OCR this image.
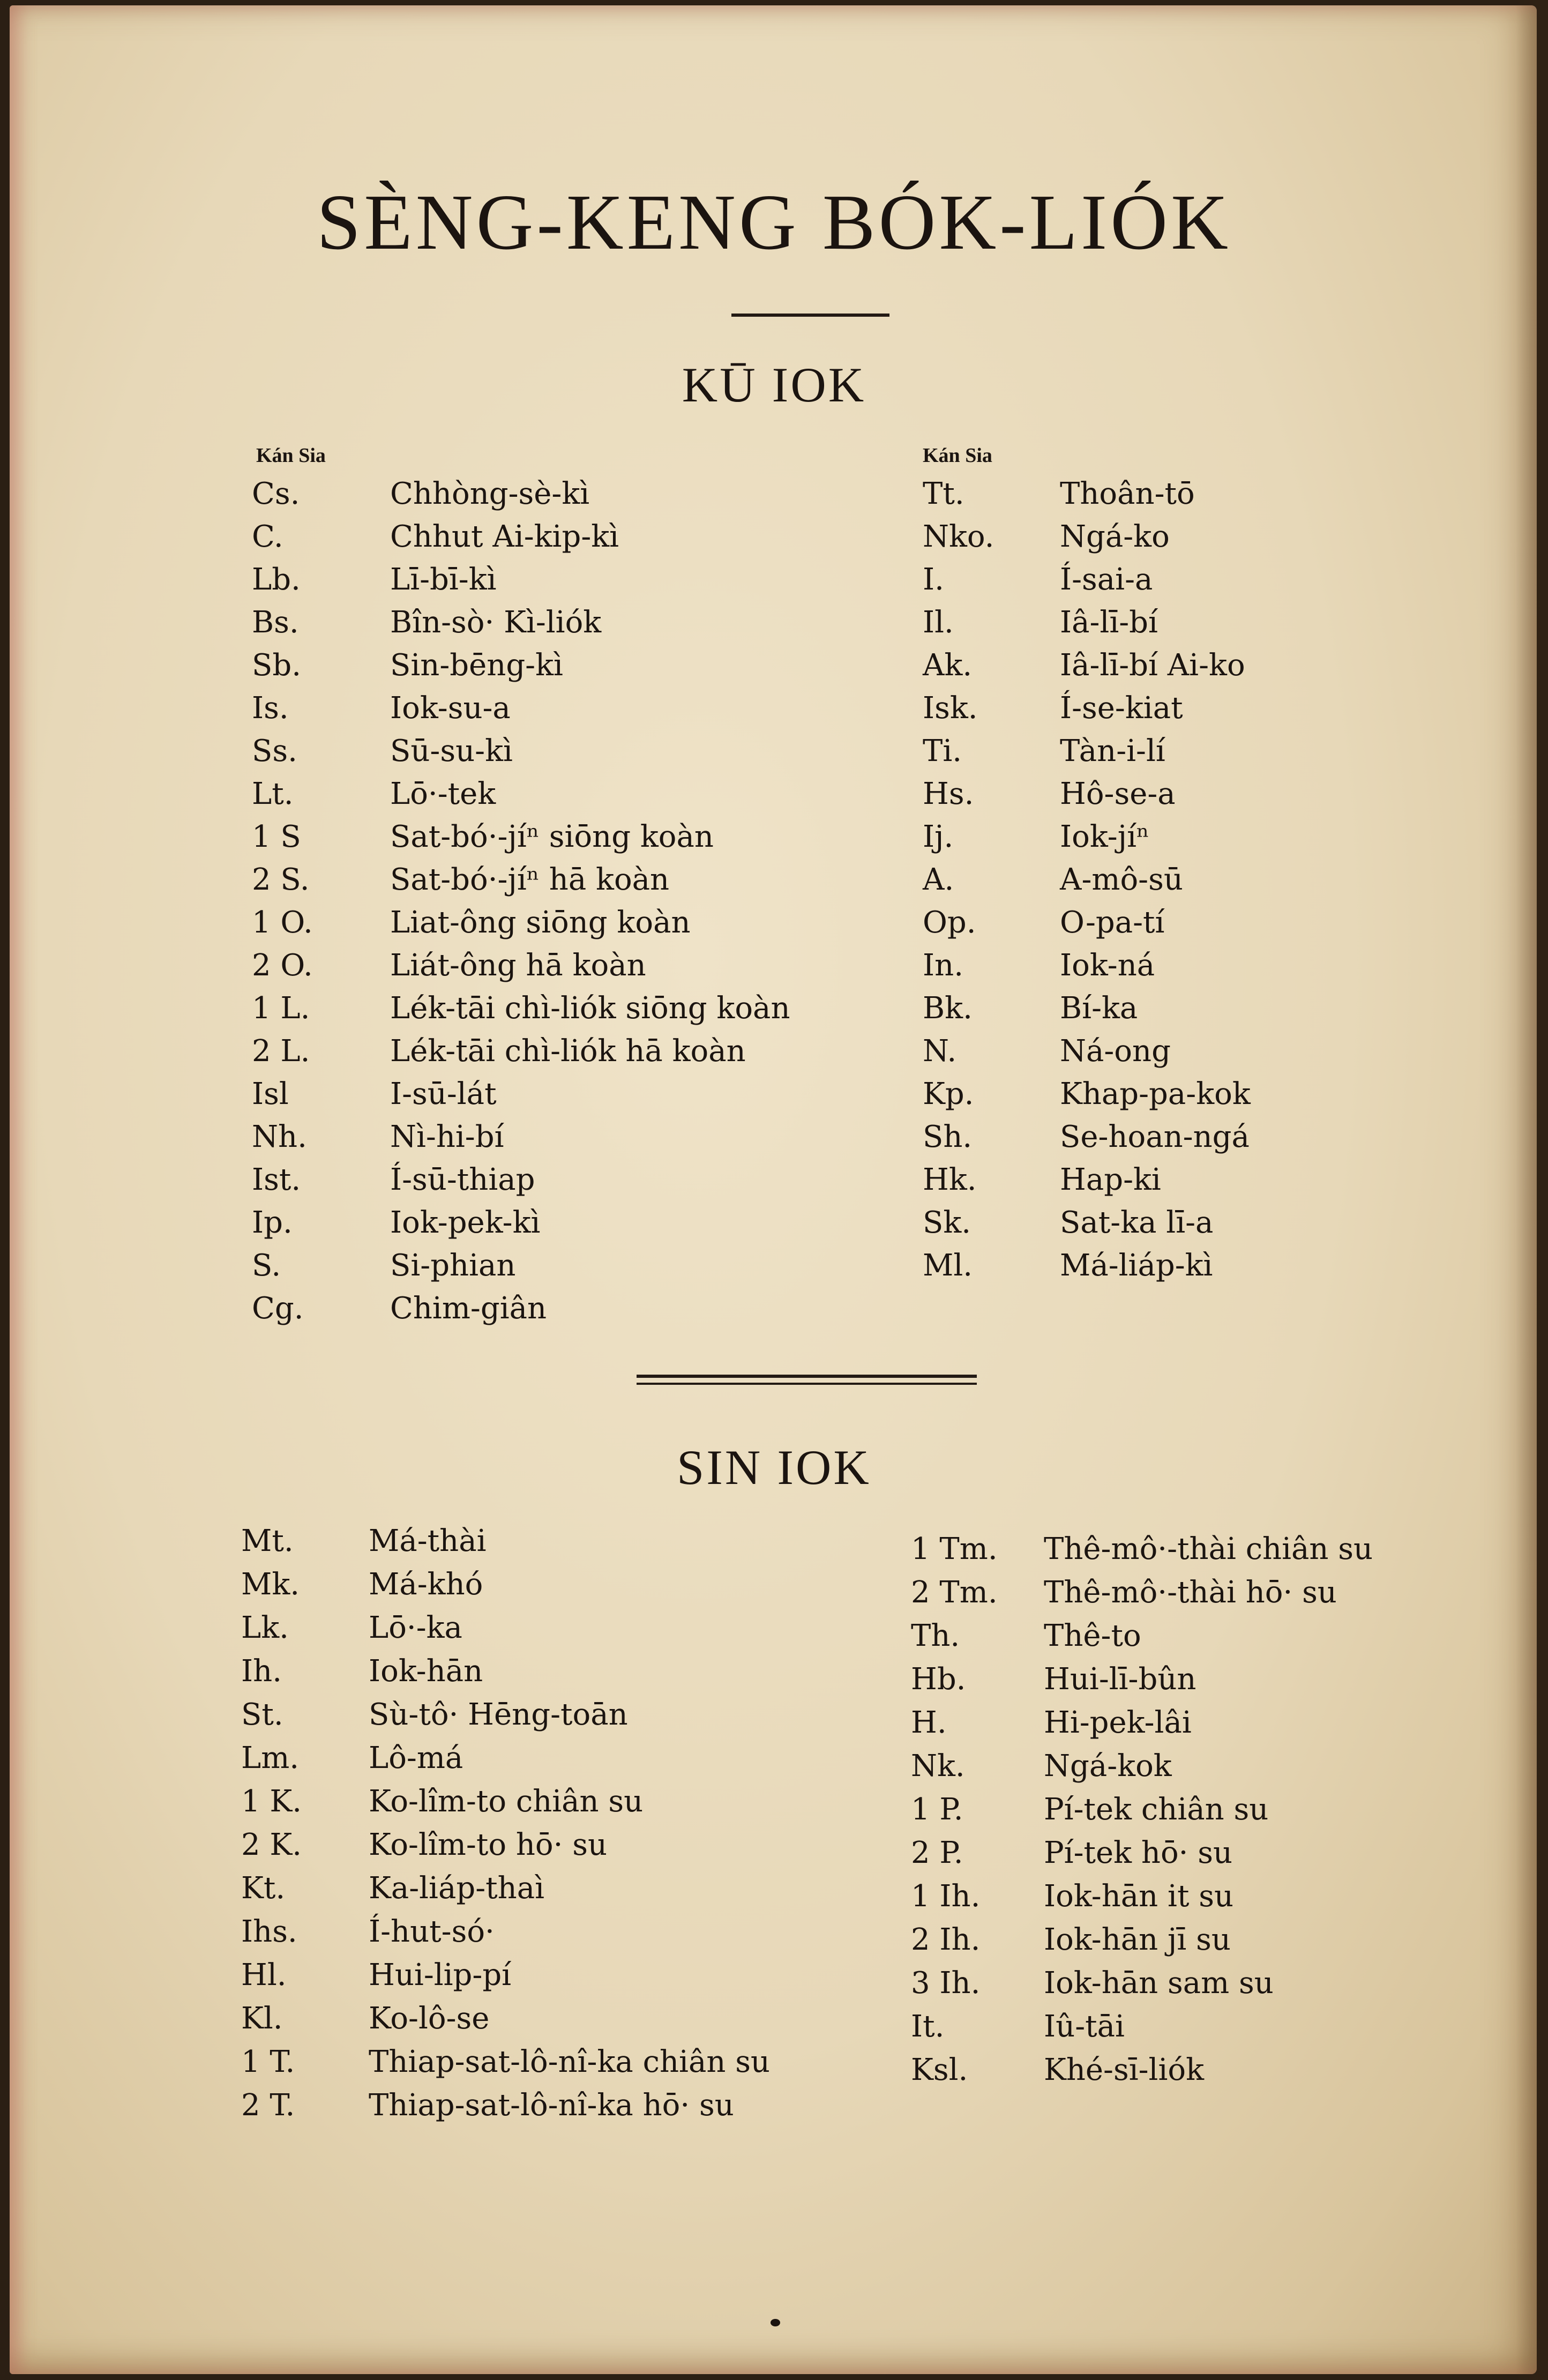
SÈNG-KENG BÓK-LIÓK
KŪ IOK
Kán Sia	Kán Sia
Cs.	Chhòng-sè-kì
C.	Chhut Ai-kip-kì
Lb.	Lī-bī-kì
Bs.	Bîn-sò· Kì-liók
Sb.	Sin-bēng-kì
Is.	Iok-su-a
Ss.	Sū-su-kì
Lt.	Lō·-tek
1 S	Sat-bó·-jíⁿ siōng koàn
2 S.	Sat-bó·-jíⁿ hā koàn
1 O.	Liat-ông siōng koàn
2 O.	Liát-ông hā koàn
1 L.	Lék-tāi chì-liók siōng koàn
2 L.	Lék-tāi chì-liók hā koàn
Isl	I-sū-lát
Nh.	Nì-hi-bí
Ist.	Í-sū-thiap
Ip.	Iok-pek-kì
S.	Si-phian
Cg.	Chim-giân
Tt.	Thoân-tō
Nko. Ngá-ko
I.	Í-sai-a
Il.	Iâ-lī-bí
Ak.	Iâ-lī-bí Ai-ko
Isk.	Í-se-kiat
Ti.	Tàn-i-lí
Hs.	Hô-se-a
Ij.	Iok-jíⁿ
A.	A-mô-sū
Op.	O-pa-tí
In.	Iok-ná
Bk.	Bí-ka
N.	Ná-ong
Kp.	Khap-pa-kok
Sh.	Se-hoan-ngá
Hk.	Hap-ki
Sk.	Sat-ka lī-a
Ml.	Má-liáp-kì
SIN IOK
Mt.	Má-thài
Mk. Má-khó
Lk.	Lō·-ka
Ih.	Iok-hān
St.	Sù-tô· Hēng-toān
Lm. Lô-má
1 K. Ko-lîm-to chiân su
2 K. Ko-lîm-to hō· su
Kt.	Ka-liáp-thaì
Ihs. Í-hut-só·
Hl.	Hui-lip-pí
Kl.	Ko-lô-se
1 T. Thiap-sat-lô-nî-ka chiân su
2 T. Thiap-sat-lô-nî-ka hō· su
1 Tm. Thê-mô·-thài chiân su
2 Tm. Thê-mô·-thài hō· su
Th.	Thê-to
Hb.	Hui-lī-bûn
H.	Hi-pek-lâi
Nk.	Ngá-kok
1 P.	Pí-tek chiân su
2 P.	Pí-tek hō· su
1 Ih. Iok-hān it su
2 Ih. Iok-hān jī su
3 Ih. Iok-hān sam su
It.	Iû-tāi
Ksl.	Khé-sī-liók
